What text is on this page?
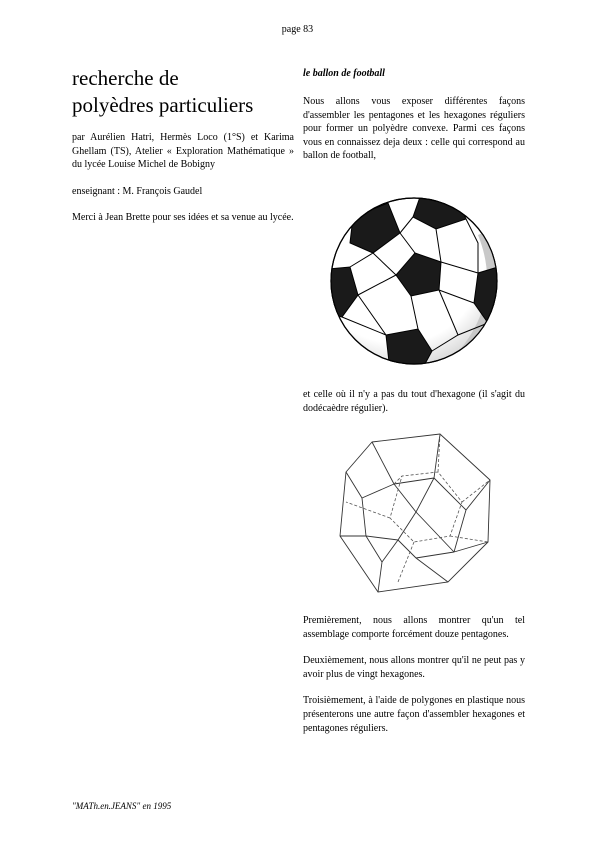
page 83
recherche de
polyèdres particuliers

par Aurélien Hatri, Hermès Loco (1°S) et Karima Ghellam (TS), Atelier « Exploration Mathématique » du lycée Louise Michel de Bobigny

enseignant : M. François Gaudel

Merci à Jean Brette pour ses idées et sa venue au lycée.

le ballon de football

Nous allons vous exposer différentes façons d'assembler les pentagones et les hexagones réguliers pour former un polyèdre convexe. Parmi ces façons vous en connaissez deja deux : celle qui correspond au ballon de football,

et celle où il n'y a pas du tout d'hexagone (il s'agit du dodécaèdre régulier).

Premièrement, nous allons montrer qu'un tel assemblage comporte forcément douze pentagones.

Deuxièmement, nous allons montrer qu'il ne peut pas y avoir plus de vingt hexagones.

Troisièmement, à l'aide de polygones en plastique nous présenterons une autre façon d'assembler hexagones et pentagones réguliers.

"MATh.en.JEANS" en 1995
